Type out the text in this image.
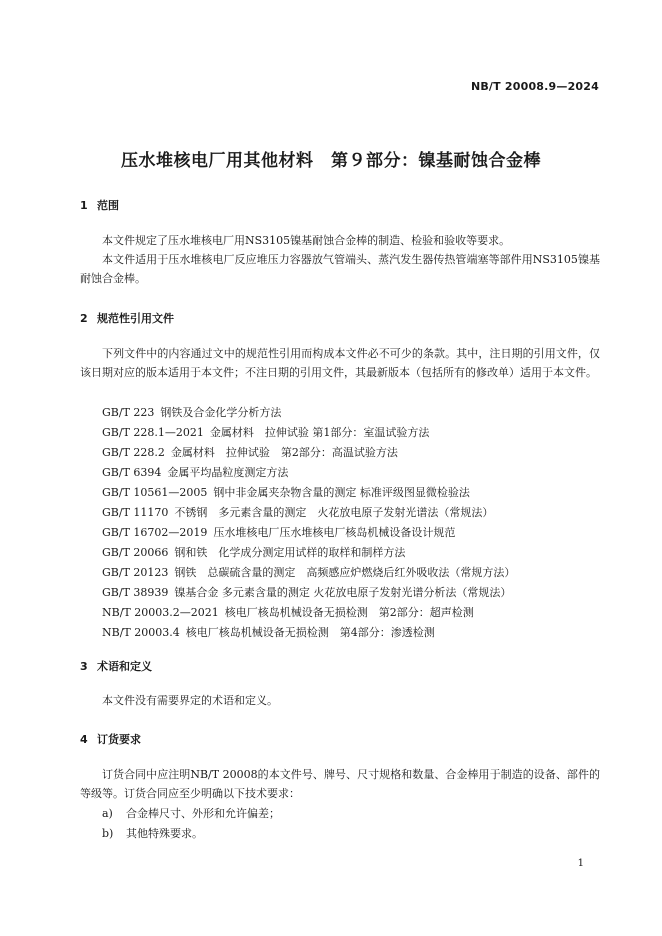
NB/T 20008.9—2024
压水堆核电厂用其他材料　第９部分：镍基耐蚀合金棒
1 范围
本文件规定了压水堆核电厂用NS3105镍基耐蚀合金棒的制造、检验和验收等要求。
本文件适用于压水堆核电厂反应堆压力容器放气管端头、蒸汽发生器传热管端塞等部件用NS3105镍基耐蚀合金棒。
2 规范性引用文件
下列文件中的内容通过文中的规范性引用而构成本文件必不可少的条款。其中，注日期的引用文件，仅该日期对应的版本适用于本文件；不注日期的引用文件，其最新版本（包括所有的修改单）适用于本文件。
GB/T 223 钢铁及合金化学分析方法
GB/T 228.1—2021 金属材料　拉伸试验 第1部分：室温试验方法
GB/T 228.2 金属材料　拉伸试验　第2部分：高温试验方法
GB/T 6394 金属平均晶粒度测定方法
GB/T 10561—2005 钢中非金属夹杂物含量的测定 标准评级图显微检验法
GB/T 11170 不锈钢　多元素含量的测定　火花放电原子发射光谱法（常规法）
GB/T 16702—2019 压水堆核电厂压水堆核电厂核岛机械设备设计规范
GB/T 20066 钢和铁　化学成分测定用试样的取样和制样方法
GB/T 20123 钢铁　总碳硫含量的测定　高频感应炉燃烧后红外吸收法（常规方法）
GB/T 38939 镍基合金 多元素含量的测定 火花放电原子发射光谱分析法（常规法）
NB/T 20003.2—2021 核电厂核岛机械设备无损检测　第2部分：超声检测
NB/T 20003.4 核电厂核岛机械设备无损检测　第4部分：渗透检测
3 术语和定义
本文件没有需要界定的术语和定义。
4 订货要求
订货合同中应注明NB/T 20008的本文件号、牌号、尺寸规格和数量、合金棒用于制造的设备、部件的等级等。订货合同应至少明确以下技术要求：
a) 合金棒尺寸、外形和允许偏差；
b) 其他特殊要求。
1
